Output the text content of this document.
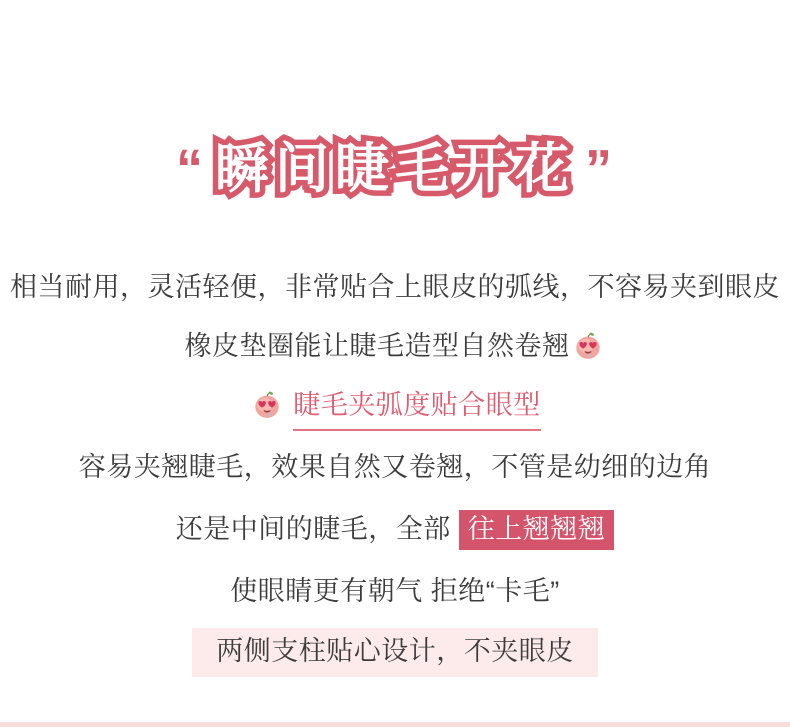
“ 瞬间睫毛开花 ”
相当耐用，灵活轻便，非常贴合上眼皮的弧线，不容易夹到眼皮
橡皮垫圈能让睫毛造型自然卷翘
睫毛夹弧度贴合眼型
容易夹翘睫毛，效果自然又卷翘，不管是幼细的边角
还是中间的睫毛，全部 往上翘翘翘
使眼睛更有朝气 拒绝“卡毛”
两侧支柱贴心设计，不夹眼皮
